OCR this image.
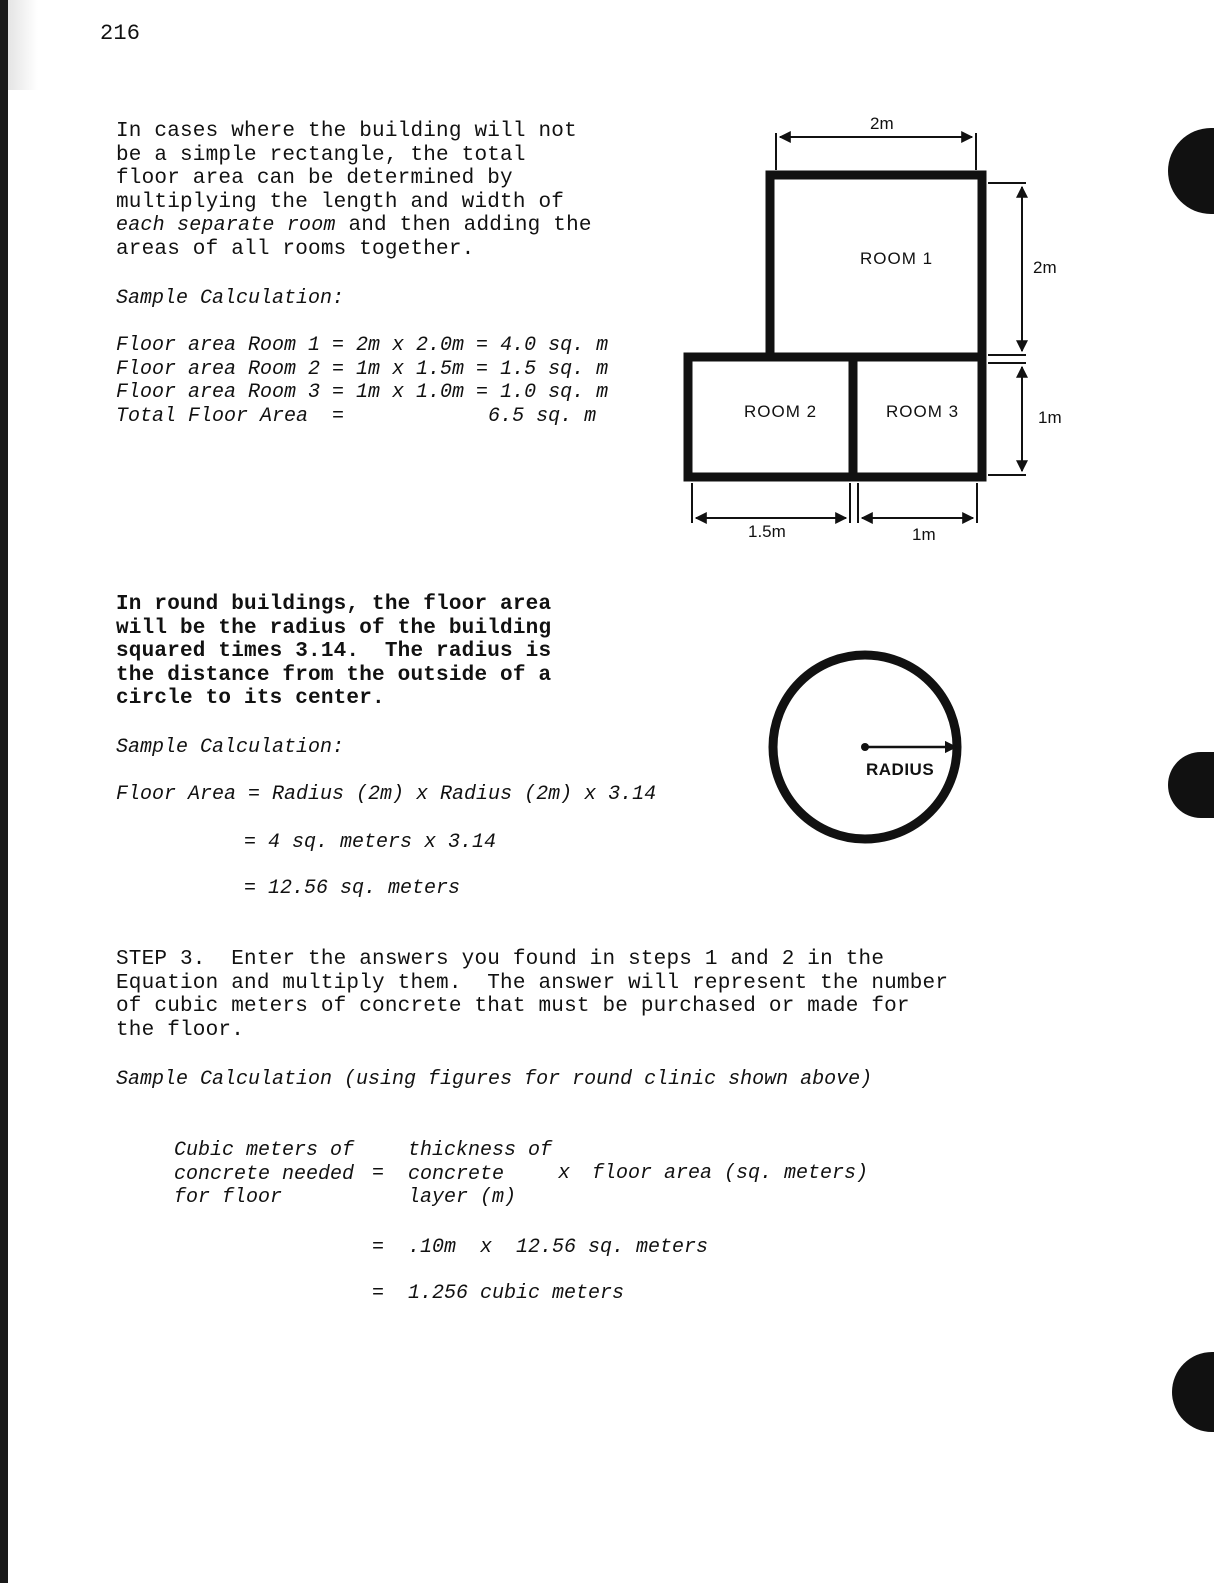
216
In cases where the building will not
be a simple rectangle, the total
floor area can be determined by
multiplying the length and width of
each separate room and then adding the
areas of all rooms together.
Sample Calculation:
Floor area Room 1 = 2m x 2.0m = 4.0 sq. m
Floor area Room 2 = 1m x 1.5m = 1.5 sq. m
Floor area Room 3 = 1m x 1.0m = 1.0 sq. m
Total Floor Area  =            6.5 sq. m
ROOM 1
ROOM 2	ROOM 3
2m
2m
1m
1.5m	1m
In round buildings, the floor area
will be the radius of the building
squared times 3.14.  The radius is
the distance from the outside of a
circle to its center.
RADIUS
Sample Calculation:
Floor Area = Radius (2m) x Radius (2m) x 3.14
= 4 sq. meters x 3.14
= 12.56 sq. meters
STEP 3.  Enter the answers you found in steps 1 and 2 in the
Equation and multiply them.  The answer will represent the number
of cubic meters of concrete that must be purchased or made for
the floor.
Sample Calculation (using figures for round clinic shown above)
Cubic meters of
concrete needed
for floor
=
thickness of
concrete
layer (m)
x floor area (sq. meters)
= .10m  x  12.56 sq. meters
= 1.256 cubic meters
